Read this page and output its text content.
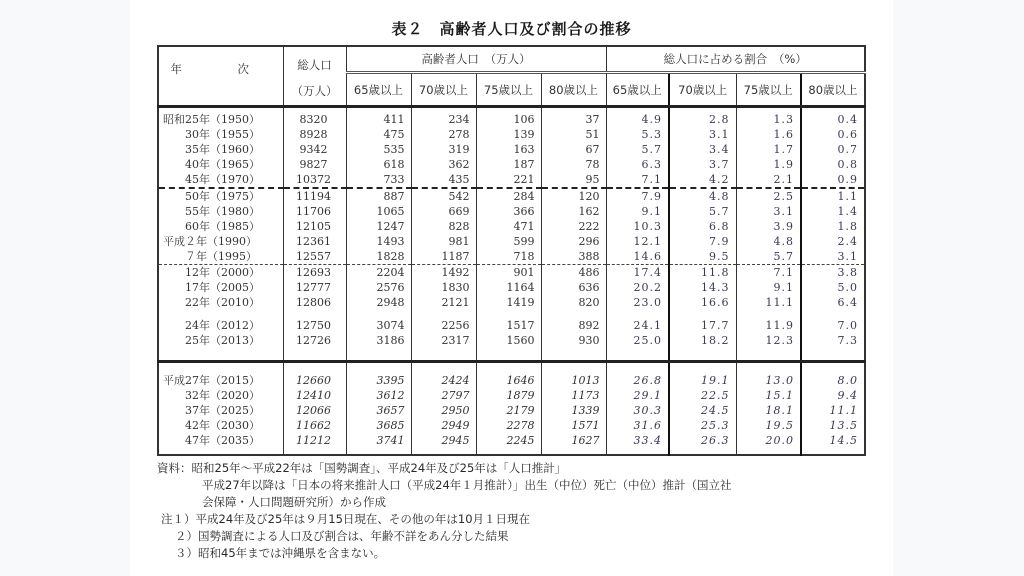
表２　高齢者人口及び割合の推移
年　次	総人口
（万人）	高齢者人口　（万人）				総人口に占める割合　（%）			
		65歳以上	70歳以上	75歳以上	80歳以上	65歳以上	70歳以上	75歳以上	80歳以上
昭和25年（1950）	8320	411	234	106	37	4.9	2.8	1.3	0.4
　　30年（1955）	8928	475	278	139	51	5.3	3.1	1.6	0.6
　　35年（1960）	9342	535	319	163	67	5.7	3.4	1.7	0.7
　　40年（1965）	9827	618	362	187	78	6.3	3.7	1.9	0.8
　　45年（1970）	10372	733	435	221	95	7.1	4.2	2.1	0.9
　　50年（1975）	11194	887	542	284	120	7.9	4.8	2.5	1.1
　　55年（1980）	11706	1065	669	366	162	9.1	5.7	3.1	1.4
　　60年（1985）	12105	1247	828	471	222	10.3	6.8	3.9	1.8
平成２年（1990）	12361	1493	981	599	296	12.1	7.9	4.8	2.4
　　７年（1995）	12557	1828	1187	718	388	14.6	9.5	5.7	3.1
　　12年（2000）	12693	2204	1492	901	486	17.4	11.8	7.1	3.8
　　17年（2005）	12777	2576	1830	1164	636	20.2	14.3	9.1	5.0
　　22年（2010）	12806	2948	2121	1419	820	23.0	16.6	11.1	6.4
　　24年（2012）	12750	3074	2256	1517	892	24.1	17.7	11.9	7.0
　　25年（2013）	12726	3186	2317	1560	930	25.0	18.2	12.3	7.3
平成27年（2015）	12660	3395	2424	1646	1013	26.8	19.1	13.0	8.0
　　32年（2020）	12410	3612	2797	1879	1173	29.1	22.5	15.1	9.4
　　37年（2025）	12066	3657	2950	2179	1339	30.3	24.5	18.1	11.1
　　42年（2030）	11662	3685	2949	2278	1571	31.6	25.3	19.5	13.5
　　47年（2035）	11212	3741	2945	2245	1627	33.4	26.3	20.0	14.5
資料：昭和25年～平成22年は「国勢調査」、平成24年及び25年は「人口推計」
平成27年以降は「日本の将来推計人口（平成24年１月推計）」出生（中位）死亡（中位）推計（国立社
会保障・人口問題研究所）から作成
注１）平成24年及び25年は９月15日現在、その他の年は10月１日現在
２）国勢調査による人口及び割合は、年齢不詳をあん分した結果
３）昭和45年までは沖縄県を含まない。
